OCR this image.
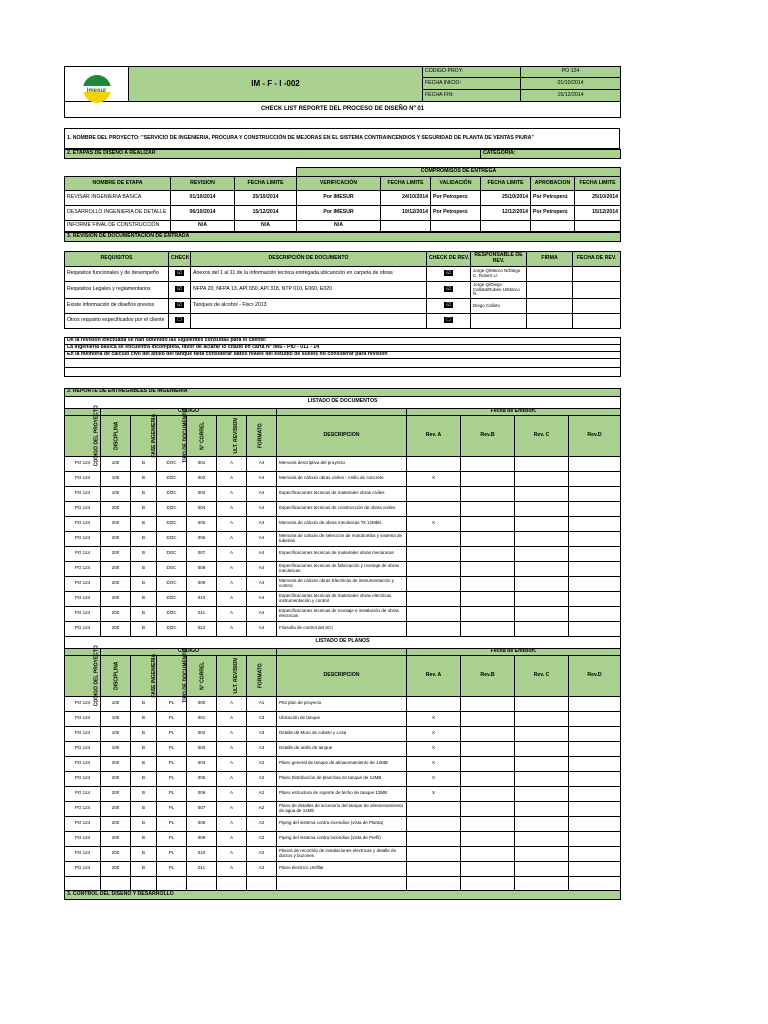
imesur	IM - F - I -002	CODIGO PROY:	PO 124
		FECHA INICIO:	01/10/2014
		FECHA FIN:	15/12/2014
CHECK LIST REPORTE DEL PROCESO DE DISEÑO Nº 01			
1. NOMBRE DEL PROYECTO: "SERVICIO DE INGENIERIA, PROCURA Y CONSTRUCCIÓN DE MEJORAS EN EL SISTEMA CONTRAINCENDIOS Y SEGURIDAD DE PLANTA DE VENTAS PIURA"
2. ETAPAS DE DISEÑO A REALIZAR						CATEGORIA:		

			COMPROMISOS DE ENTREGA					
NOMBRE DE ETAPA	REVISION	FECHA LIMITE	VERIFICACIÓN	FECHA LIMITE	VALIDACIÓN	FECHA LIMITE	APROBACION	FECHA LIMITE
REVISAR INGENIERIA BASICA	01/10/2014	25/10/2014	Por IMESUR	24/10/2014	Por Petroperú	25/10/2014	Por Petroperú	25/10/2014
DESARROLLO INGENIERIA DE DETALLE	06/10/2014	15/12/2014	Por IMESUR	10/12/2014	Por Petroperú	12/12/2014	Por Petroperú	15/12/2014
INFORME FINAL DE CONSTRUCCIÓN	N/A	N/A	N/A					
3. REVISIÓN DE DOCUMENTACIÓN DE ENTRADA						

REQUISITOS	CHECK	DESCRIPCIÓN DE DOCUMENTO	CHECK DE REV.	RESPONSABLE DE REV.	FIRMA	FECHA DE REV.
Requisitos funcionales y de desempeño	☑	Anexos del 1 al 11 de la información tecnica entregada ubicanción en carpeta de obras	☑	Jorge Q/Marco N/Diego C. Rubert U.		
Requisitos Legales y reglamentarios	☑	NFPA 20, NFPA 13, API 650, API 318, NTP 010, E060, E020	☑	Jorge Q/Diego Callota/Ruben U/Marco N.		
Existe información de diseños previos	☑	Tanques de alcohol - Fiscr 2013	☑	Diego Calloto		
Otros requisito especificados por el cliente	☐		☐			

De la revisión efectuada se han obtenido las siguientes consultas para el cliente:						
La ingenieria basica se encuentra incompleta, favor de aclarar lo citado en carta N° IMS - PIU - 011 - 14						
En la memoria de cálculo civil del anillo del tanque falta considerar datos reales del estudio de suelos no considerar para revisión						

3. REPORTE DE ENTREGABLES DE INGENIERIA											
LISTADO DE DOCUMENTOS											
	CODIGO							Fecha de Emision.			
CODIGO DEL PROYECTO	DISCIPLINA	FASE INGENIERIA	TIPO DE DOCUMENTO	N° CORREL	ULT. REVISION	FORMATO	DESCRIPCION	Rev. A	Rev.B	Rev. C	Rev.D
PO 124	100	B	DOC	001	A	A4	Memoria descriptiva del proyecto				
PO 124	100	B	DOC	002	A	A4	Memoria de cálculo obras civiles - Anillo de concreto	X			
PO 124	100	B	DOC	003	A	A4	Especificaciones tecnicas de materiales obras civiles				
PO 124	200	B	DOC	004	A	A4	Especificaciones tecnicas de construcción de obras civiles				
PO 124	200	B	DOC	005	A	A4	Memoria de cálculo de obras mecánicas Tk 12Mbls	X			
PO 124	200	B	DOC	006	A	A4	Memoria de calculo de selección de motobomba y sistema de tuberias				
PO 124	200	B	DOC	007	A	A4	Especificaciones tecnicas de materiales obras mecánicas				
PO 124	200	B	DOC	008	A	A4	Especificaciones tecnicas de fabricación y montaje de obras mecánicas				
PO 124	200	B	DOC	009	A	A4	Memoria de cálculo obras Electricas de instrumentación y control				
PO 124	200	B	DOC	010	A	A4	Especificaciones tecnicas de materiales obras electricas, instrumentación y control				
PO 124	200	B	DOC	011	A	A4	Especificaciones tecnicas de montaje e instalación de obras electricas				
PO 124	200	B	DOC	012	A	A4	Filosofia de control del SCI				
LISTADO DE PLANOS											
	CODIGO							Fecha de Emision.			
CODIGO DEL PROYECTO	DISCIPLINA	FASE INGENIERIA	TIPO DE DOCUMENTO	N° CORREL	ULT. REVISION	FORMATO	DESCRIPCION	Rev. A	Rev.B	Rev. C	Rev.D
PO 124	100	B	PL	000	A	A1	Plot plan de proyecto				
PO 124	100	B	PL	001	A	A3	Ubicación de tanque	X			
PO 124	100	B	PL	002	A	A3	Detalle de Muro de cubeto y Losa	X			
PO 124	100	B	PL	003	A	A3	Detalle de anillo de tanque	X			
PO 124	200	B	PL	004	A	A2	Plano general de tanque de almacenamiento de 12MB	X			
PO 124	200	B	PL	005	A	A2	Plano Distribución de planchas en tanque de 12MB	X			
PO 124	200	B	PL	006	A	A2	Plano estructura de soporte de techo de tanque 12MB	X			
PO 124	200	B	PL	007	A	A2	Plano de detalles de accesorio del tanque de almacenamiento de agua de 12Mb				
PO 124	200	B	PL	008	A	A2	Piping del sistema contra incendios (vista de Planta)				
PO 124	200	B	PL	009	A	A2	Piping del sistema contra incendios (vista de Perfil)				
PO 124	200	B	PL	010	A	A2	Planos de recorrido de instalaciones electricas y detalle de ductos y buzones				
PO 124	200	B	PL	011	A	A2	Plano electrico Unifilar				

3. CONTROL DEL DISEÑO Y DESARROLLO											
